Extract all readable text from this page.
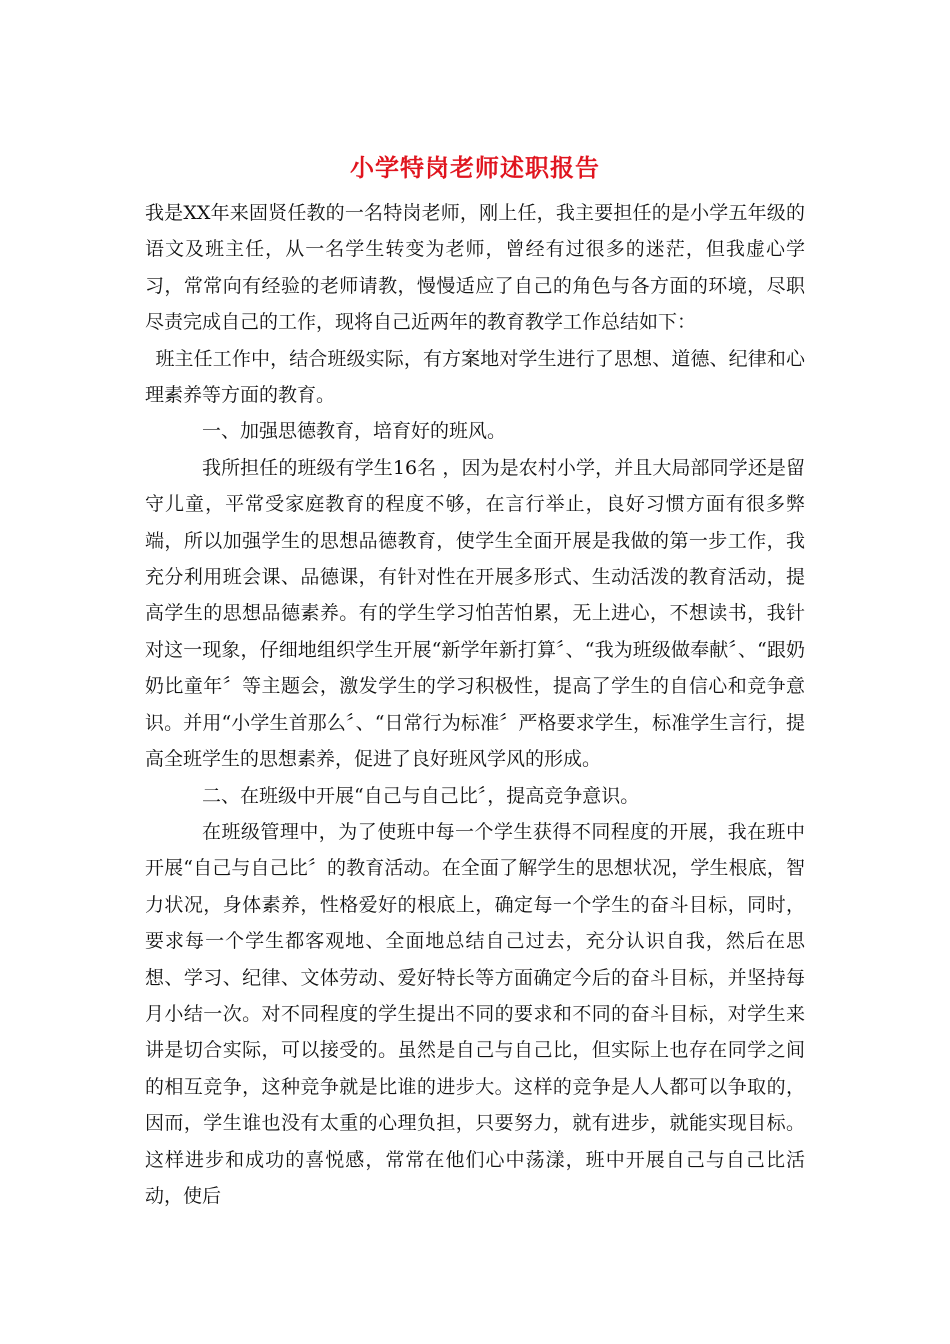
小学特岗老师述职报告

我是XX年来固贤任教的一名特岗老师，刚上任，我主要担任的是小学五年级的语文及班主任，从一名学生转变为老师，曾经有过很多的迷茫，但我虚心学习，常常向有经验的老师请教，慢慢适应了自己的角色与各方面的环境，尽职尽责完成自己的工作，现将自己近两年的教育教学工作总结如下：

班主任工作中，结合班级实际，有方案地对学生进行了思想、道德、纪律和心理素养等方面的教育。

一、加强思德教育，培育好的班风。

我所担任的班级有学生16名 ，因为是农村小学，并且大局部同学还是留守儿童，平常受家庭教育的程度不够，在言行举止，良好习惯方面有很多弊端，所以加强学生的思想品德教育，使学生全面开展是我做的第一步工作，我充分利用班会课、品德课，有针对性在开展多形式、生动活泼的教育活动，提高学生的思想品德素养。有的学生学习怕苦怕累，无上进心，不想读书，我针对这一现象，仔细地组织学生开展“新学年新打算〞、“我为班级做奉献〞、“跟奶奶比童年〞等主题会，激发学生的学习积极性，提高了学生的自信心和竞争意识。并用“小学生首那么〞、“日常行为标准〞严格要求学生，标准学生言行，提高全班学生的思想素养，促进了良好班风学风的形成。

二、在班级中开展“自己与自己比〞，提高竞争意识。

在班级管理中，为了使班中每一个学生获得不同程度的开展，我在班中开展“自己与自己比〞的教育活动。在全面了解学生的思想状况，学生根底，智力状况，身体素养，性格爱好的根底上，确定每一个学生的奋斗目标，同时，要求每一个学生都客观地、全面地总结自己过去，充分认识自我，然后在思想、学习、纪律、文体劳动、爱好特长等方面确定今后的奋斗目标，并坚持每月小结一次。对不同程度的学生提出不同的要求和不同的奋斗目标，对学生来讲是切合实际，可以接受的。虽然是自己与自己比，但实际上也存在同学之间的相互竞争，这种竞争就是比谁的进步大。这样的竞争是人人都可以争取的，因而，学生谁也没有太重的心理负担，只要努力，就有进步，就能实现目标。这样进步和成功的喜悦感，常常在他们心中荡漾，班中开展自己与自己比活动，使后
